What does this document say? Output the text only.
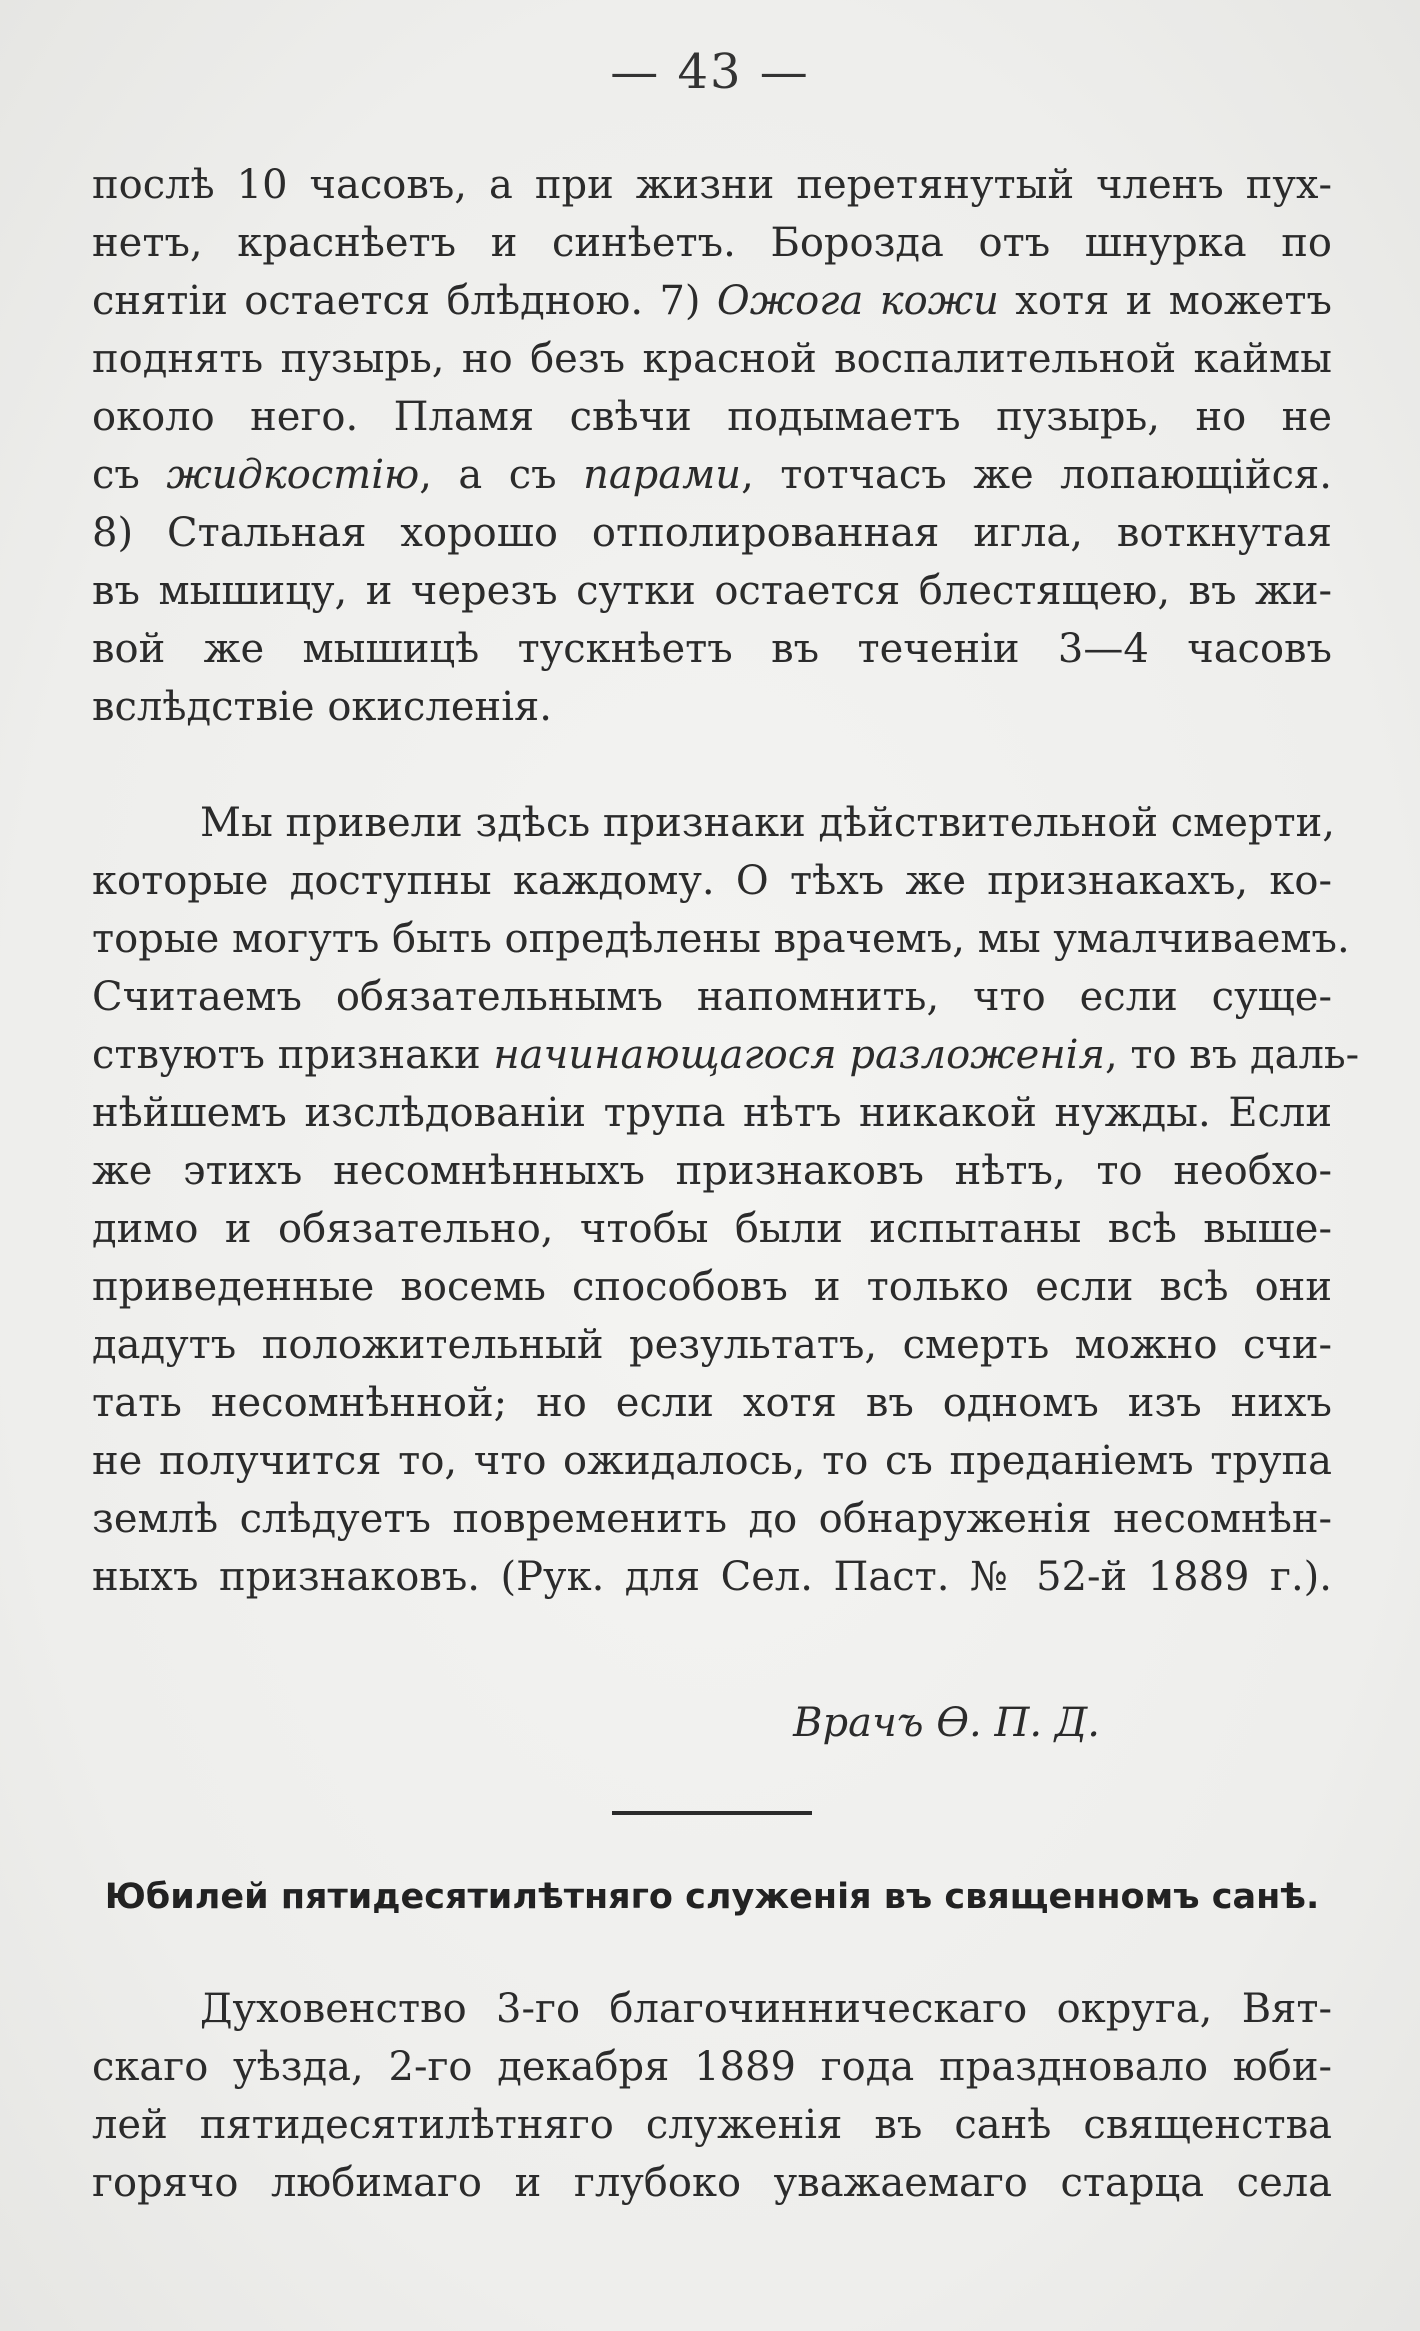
— 43 —
послѣ 10 часовъ, а при жизни перетянутый членъ пух-
нетъ, краснѣетъ и синѣетъ. Борозда отъ шнурка по
снятіи остается блѣдною. 7) Ожога кожи хотя и можетъ
поднять пузырь, но безъ красной воспалительной каймы
около него. Пламя свѣчи подымаетъ пузырь, но не
съ жидкостію, а съ парами, тотчасъ же лопающійся.
8) Стальная хорошо отполированная игла, воткнутая
въ мышицу, и черезъ сутки остается блестящею, въ жи-
вой же мышицѣ тускнѣетъ въ теченіи 3—4 часовъ
вслѣдствіе окисленія.
Мы привели здѣсь признаки дѣйствительной смерти,
которые доступны каждому. О тѣхъ же признакахъ, ко-
торые могутъ быть опредѣлены врачемъ, мы умалчиваемъ.
Считаемъ обязательнымъ напомнить, что если суще-
ствуютъ признаки начинающагося разложенія, то въ даль-
нѣйшемъ изслѣдованіи трупа нѣтъ никакой нужды. Если
же этихъ несомнѣнныхъ признаковъ нѣтъ, то необхо-
димо и обязательно, чтобы были испытаны всѣ выше-
приведенные восемь способовъ и только если всѣ они
дадутъ положительный результатъ, смерть можно счи-
тать несомнѣнной; но если хотя въ одномъ изъ нихъ
не получится то, что ожидалось, то съ преданіемъ трупа
землѣ слѣдуетъ повременить до обнаруженія несомнѣн-
ныхъ признаковъ. (Рук. для Сел. Паст. № 52-й 1889 г.).
Врачъ Ѳ. П. Д.
Юбилей пятидесятилѣтняго служенія въ священномъ санѣ.
Духовенство 3-го благочинническаго округа, Вят-
скаго уѣзда, 2-го декабря 1889 года праздновало юби-
лей пятидесятилѣтняго служенія въ санѣ священства
горячо любимаго и глубоко уважаемаго старца села
